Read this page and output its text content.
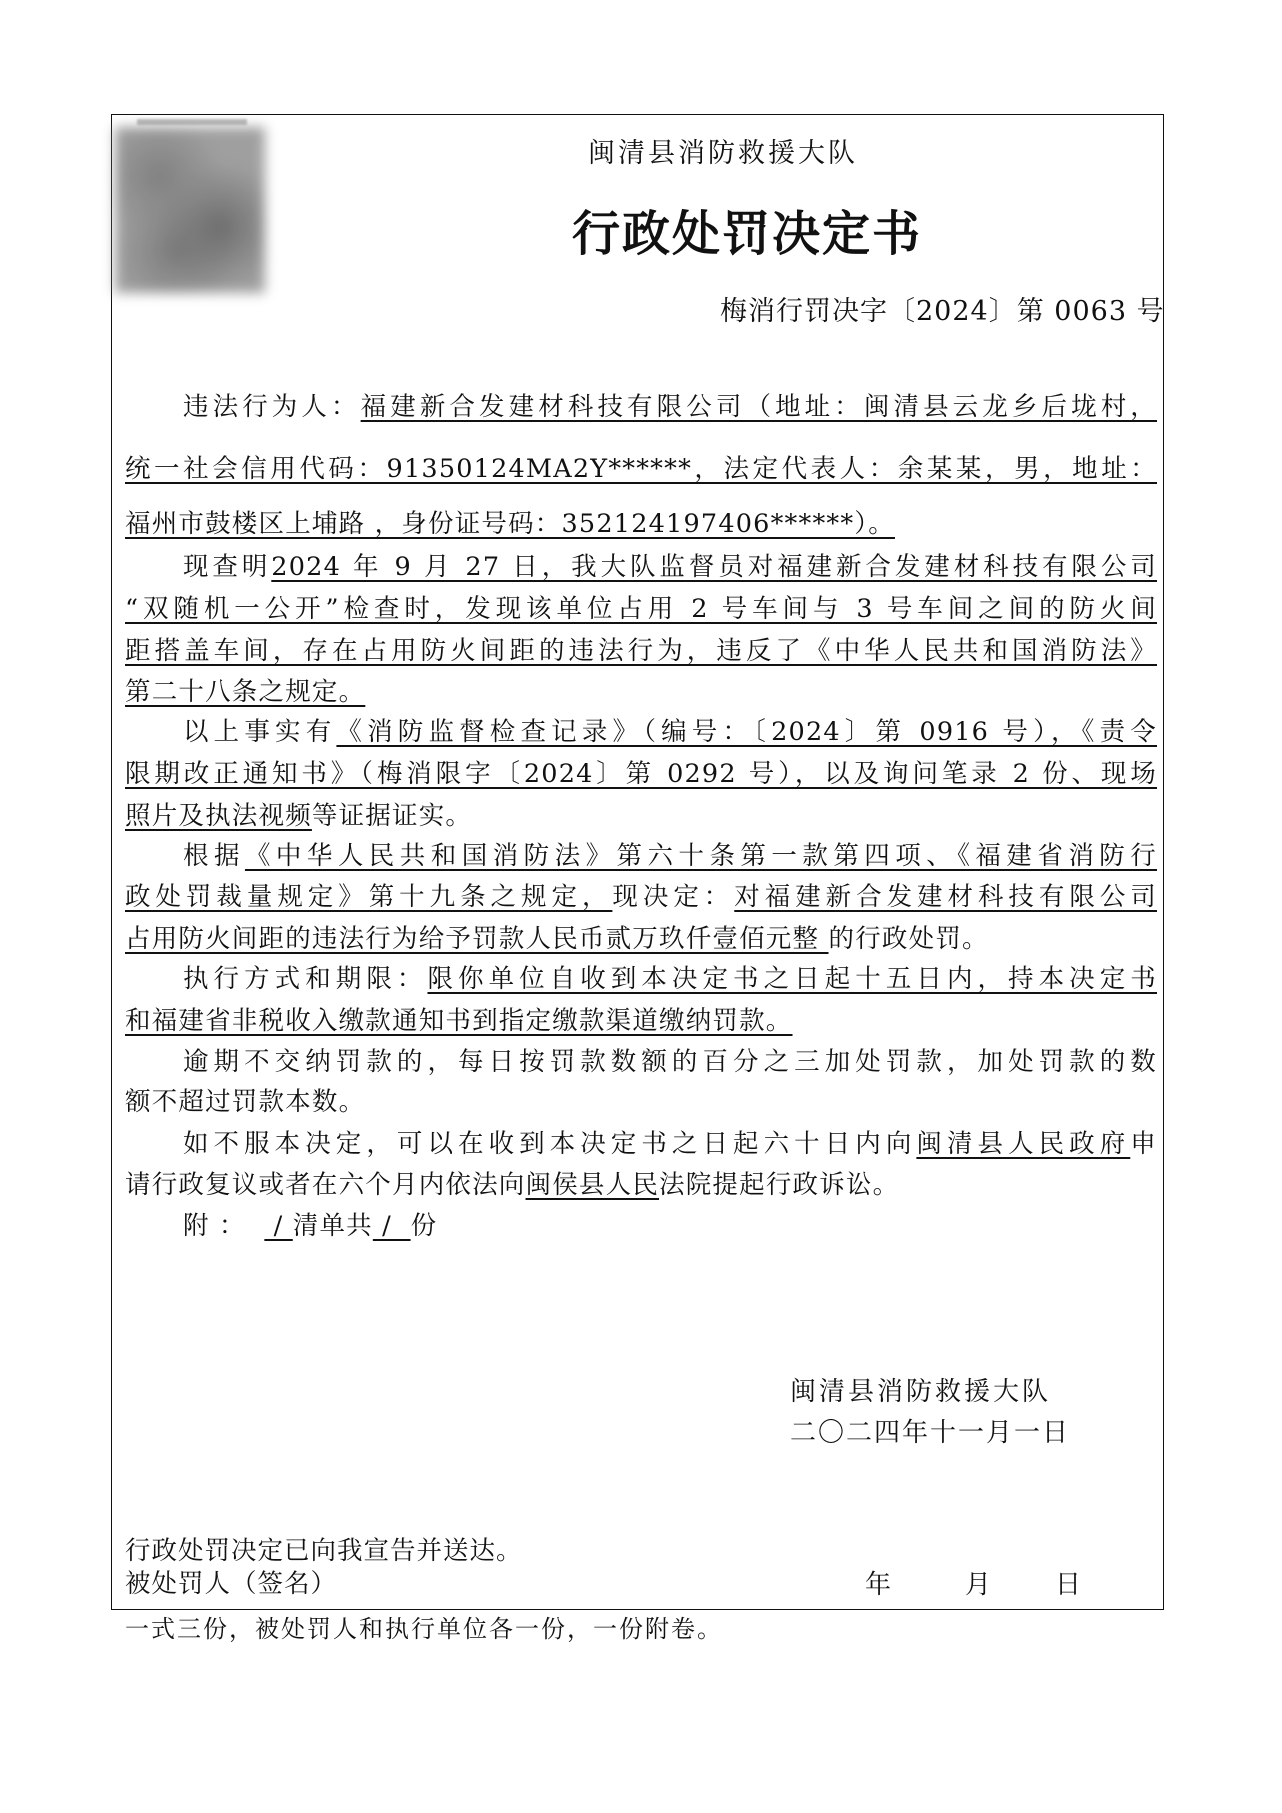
闽清县消防救援大队
行政处罚决定书
梅消行罚决字〔2024〕第 0063 号
违法行为人：福建新合发建材科技有限公司（地址：闽清县云龙乡后垅村，
统一社会信用代码：91350124MA2Y******，法定代表人：余某某，男，地址：
福州市鼓楼区上埔路 ，身份证号码：352124197406******）。
现查明2024 年 9 月 27 日，我大队监督员对福建新合发建材科技有限公司
“双随机一公开”检查时，发现该单位占用 2 号车间与 3 号车间之间的防火间
距搭盖车间，存在占用防火间距的违法行为，违反了《中华人民共和国消防法》
第二十八条之规定。
以上事实有《消防监督检查记录》（编号：〔2024〕第 0916 号），《责令
限期改正通知书》（梅消限字〔2024〕第 0292 号），以及询问笔录 2 份、现场
照片及执法视频等证据证实。
根据《中华人民共和国消防法》第六十条第一款第四项、《福建省消防行
政处罚裁量规定》第十九条之规定，现决定：对福建新合发建材科技有限公司
占用防火间距的违法行为给予罚款人民币贰万玖仟壹佰元整 的行政处罚。
执行方式和期限：限你单位自收到本决定书之日起十五日内，持本决定书
和福建省非税收入缴款通知书到指定缴款渠道缴纳罚款。
逾期不交纳罚款的，每日按罚款数额的百分之三加处罚款，加处罚款的数
额不超过罚款本数。
如不服本决定，可以在收到本决定书之日起六十日内向闽清县人民政府申
请行政复议或者在六个月内依法向闽侯县人民法院提起行政诉讼。
附 ：   / 清单共 /  份
闽清县消防救援大队
二〇二四年十一月一日
行政处罚决定已向我宣告并送达。
被处罚人（签名）	年	月 日
一式三份，被处罚人和执行单位各一份，一份附卷。
